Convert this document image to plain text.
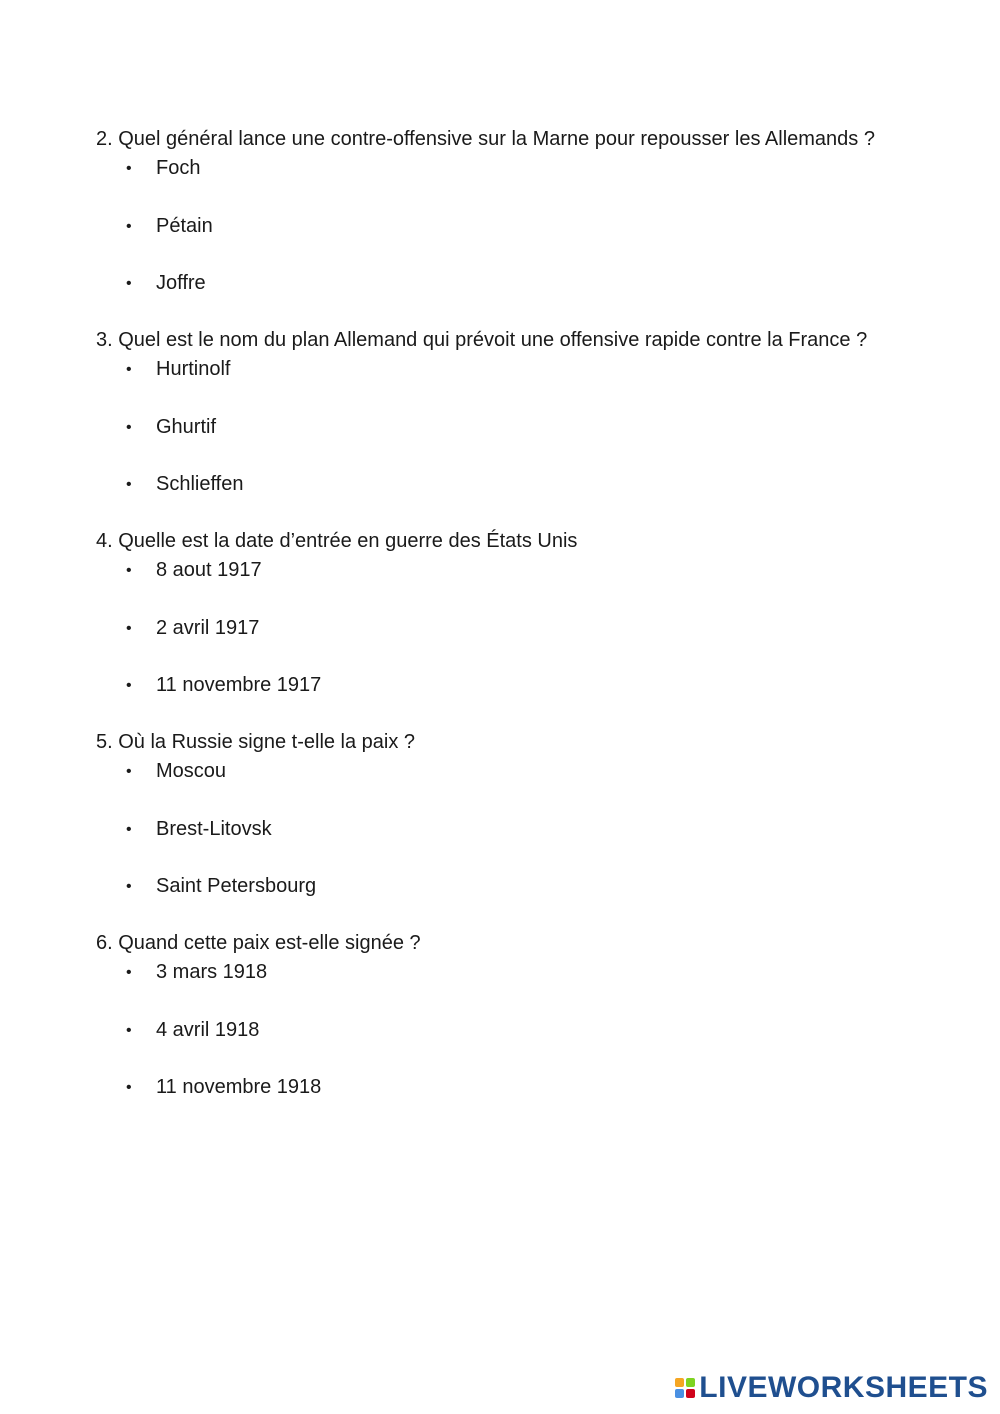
2. Quel général lance une contre-offensive sur la Marne pour repousser les Allemands ?

• Foch
• Pétain
• Joffre

3. Quel est le nom du plan Allemand qui prévoit une offensive rapide contre la France ?

• Hurtinolf
• Ghurtif
• Schlieffen

4. Quelle est la date d’entrée en guerre des États Unis

• 8 aout 1917
• 2 avril 1917
• 11 novembre 1917

5. Où la Russie signe t-elle la paix ?

• Moscou
• Brest-Litovsk
• Saint Petersbourg

6. Quand cette paix est-elle signée ?

• 3 mars 1918
• 4 avril 1918
• 11 novembre 1918
LIVEWORKSHEETS
